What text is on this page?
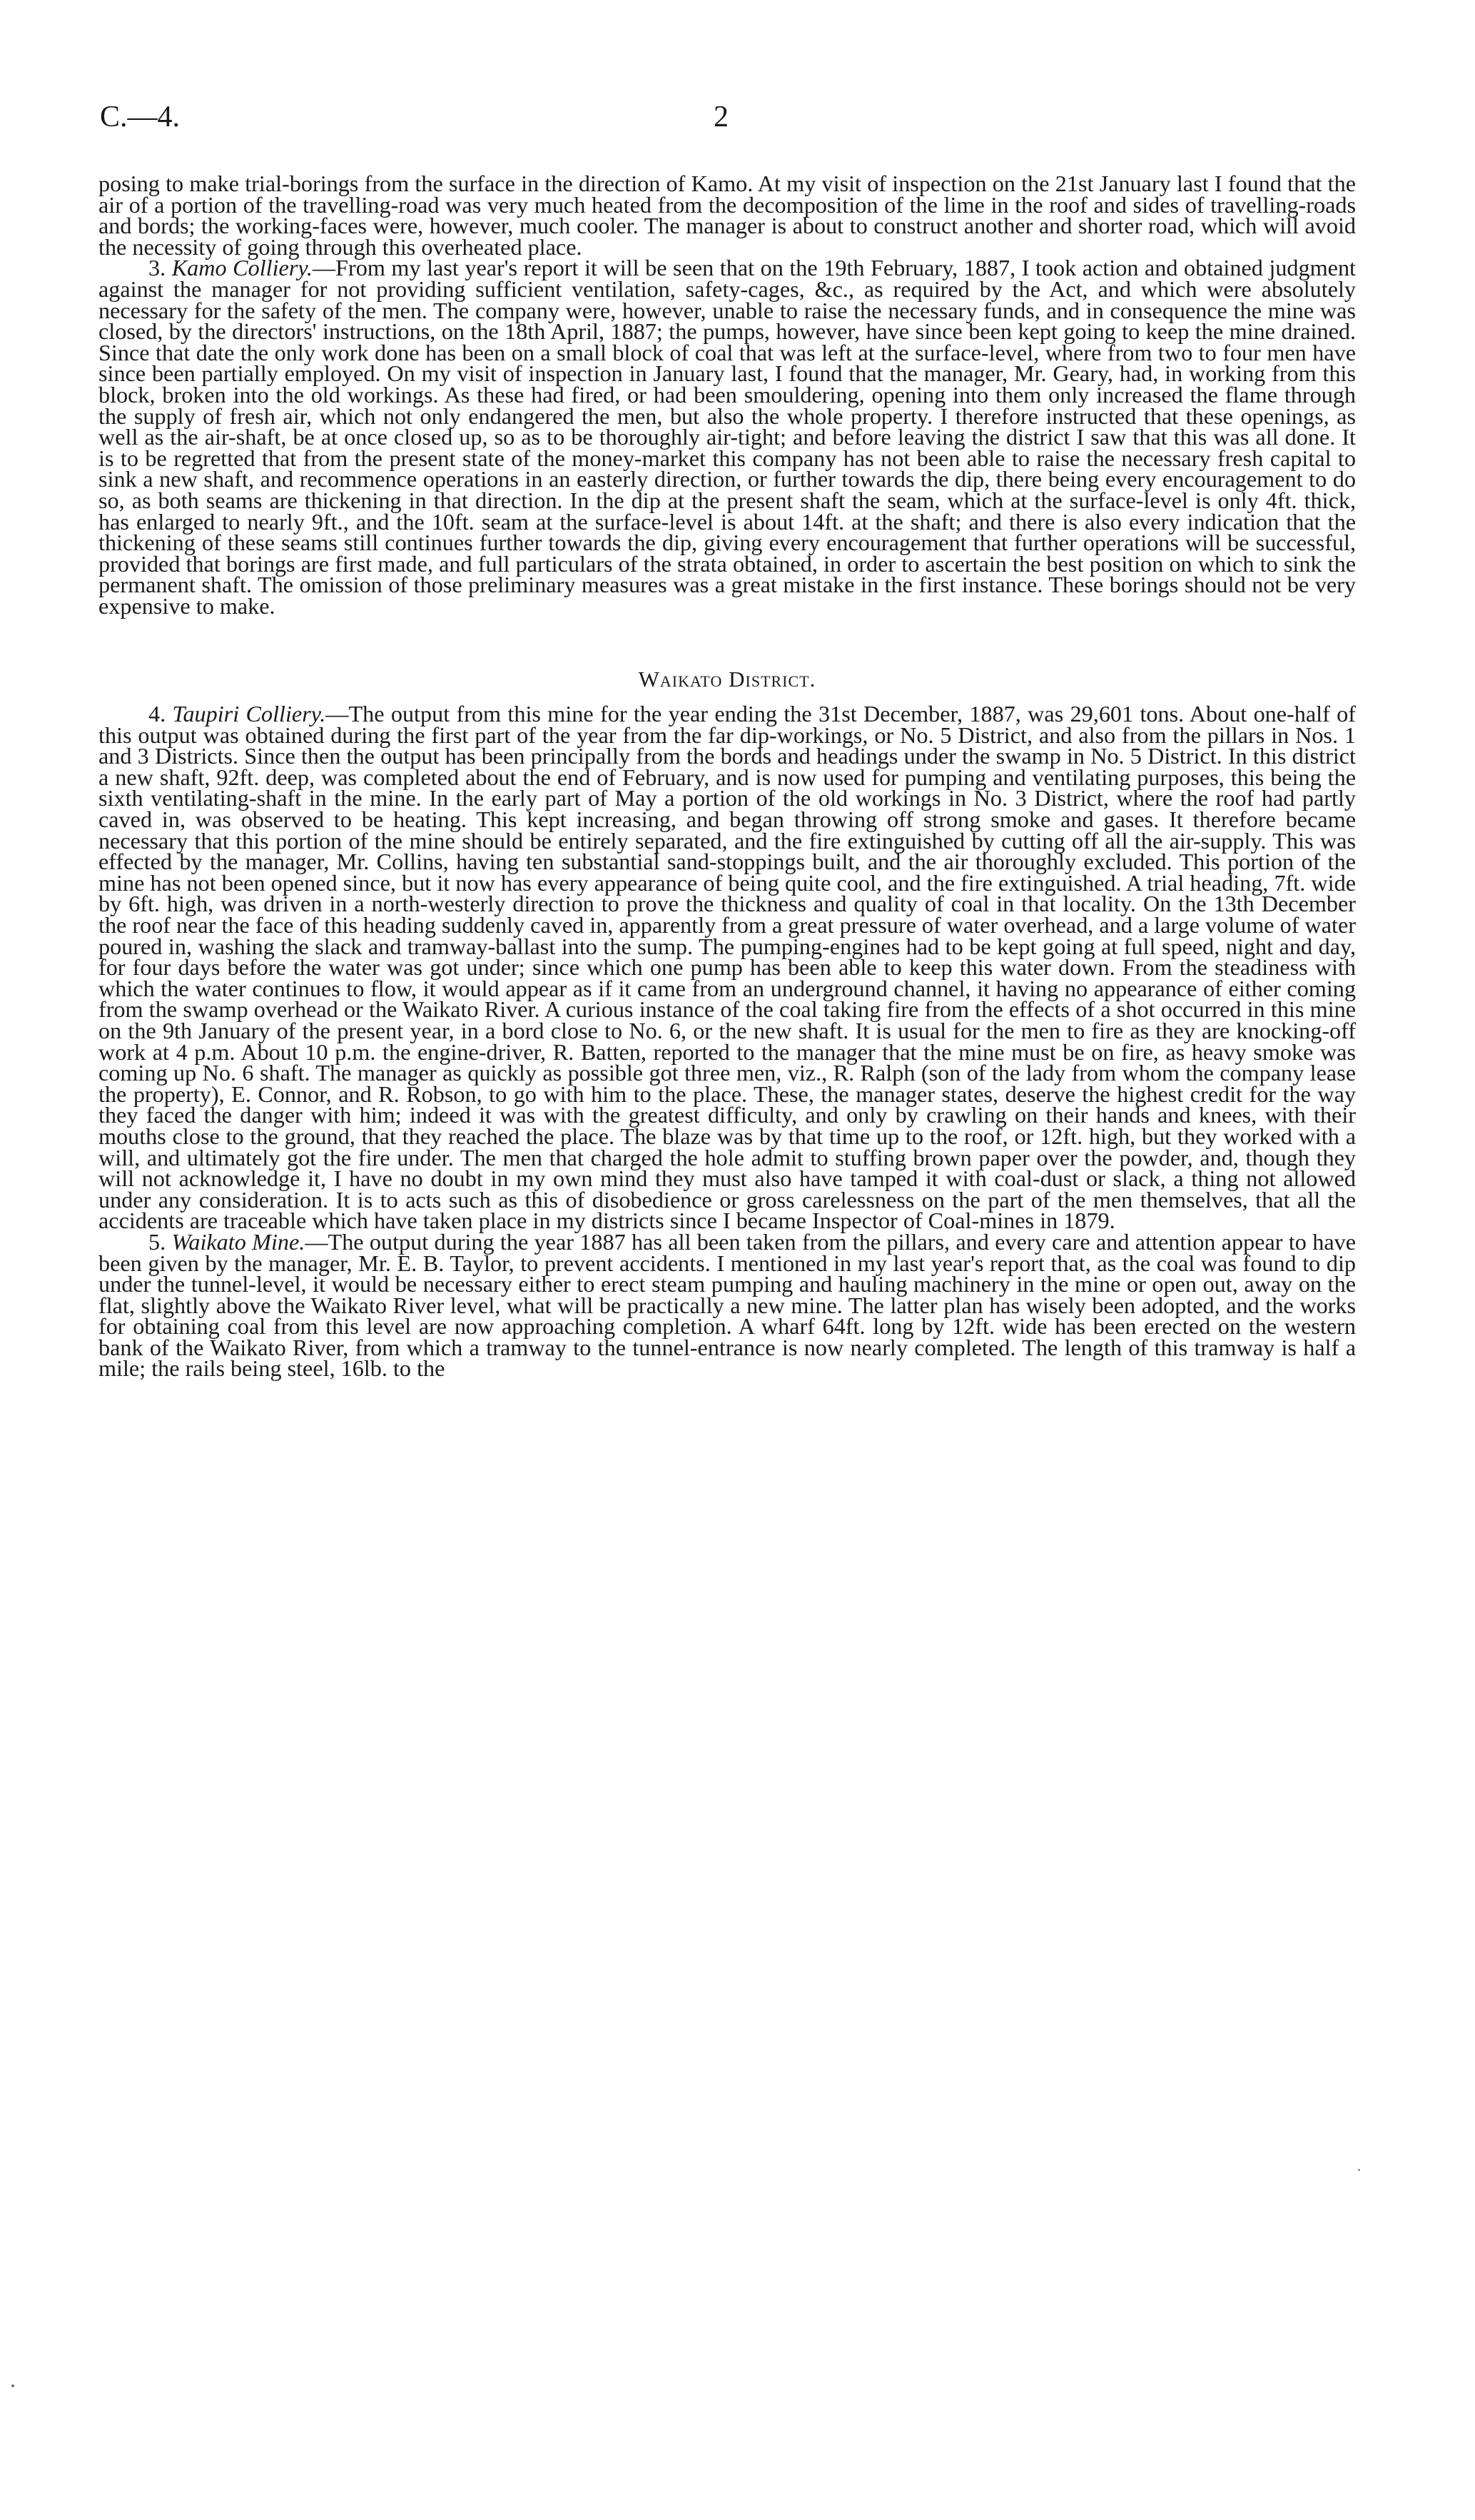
C.—4.	2

posing to make trial-borings from the surface in the direction of Kamo. At my visit of inspection on the 21st January last I found that the air of a portion of the travelling-road was very much heated from the decomposition of the lime in the roof and sides of travelling-roads and bords; the working-faces were, however, much cooler. The manager is about to construct another and shorter road, which will avoid the necessity of going through this overheated place.

3. Kamo Colliery.—From my last year's report it will be seen that on the 19th February, 1887, I took action and obtained judgment against the manager for not providing sufficient ventilation, safety-cages, &c., as required by the Act, and which were absolutely necessary for the safety of the men. The company were, however, unable to raise the necessary funds, and in consequence the mine was closed, by the directors' instructions, on the 18th April, 1887; the pumps, however, have since been kept going to keep the mine drained. Since that date the only work done has been on a small block of coal that was left at the surface-level, where from two to four men have since been partially employed. On my visit of inspection in January last, I found that the manager, Mr. Geary, had, in working from this block, broken into the old workings. As these had fired, or had been smouldering, opening into them only increased the flame through the supply of fresh air, which not only endangered the men, but also the whole property. I therefore instructed that these openings, as well as the air-shaft, be at once closed up, so as to be thoroughly air-tight; and before leaving the district I saw that this was all done. It is to be regretted that from the present state of the money-market this company has not been able to raise the necessary fresh capital to sink a new shaft, and recommence operations in an easterly direction, or further towards the dip, there being every encouragement to do so, as both seams are thickening in that direction. In the dip at the present shaft the seam, which at the surface-level is only 4ft. thick, has enlarged to nearly 9ft., and the 10ft. seam at the surface-level is about 14ft. at the shaft; and there is also every indication that the thickening of these seams still continues further towards the dip, giving every encouragement that further operations will be successful, provided that borings are first made, and full particulars of the strata obtained, in order to ascertain the best position on which to sink the permanent shaft. The omission of those preliminary measures was a great mistake in the first instance. These borings should not be very expensive to make.

Waikato District.

4. Taupiri Colliery.—The output from this mine for the year ending the 31st December, 1887, was 29,601 tons. About one-half of this output was obtained during the first part of the year from the far dip-workings, or No. 5 District, and also from the pillars in Nos. 1 and 3 Districts. Since then the output has been principally from the bords and headings under the swamp in No. 5 District. In this district a new shaft, 92ft. deep, was completed about the end of February, and is now used for pumping and ventilating purposes, this being the sixth ventilating-shaft in the mine. In the early part of May a portion of the old workings in No. 3 District, where the roof had partly caved in, was observed to be heating. This kept increasing, and began throwing off strong smoke and gases. It therefore became necessary that this portion of the mine should be entirely separated, and the fire extinguished by cutting off all the air-supply. This was effected by the manager, Mr. Collins, having ten substantial sand-stoppings built, and the air thoroughly excluded. This portion of the mine has not been opened since, but it now has every appearance of being quite cool, and the fire extinguished. A trial heading, 7ft. wide by 6ft. high, was driven in a north-westerly direction to prove the thickness and quality of coal in that locality. On the 13th December the roof near the face of this heading suddenly caved in, apparently from a great pressure of water overhead, and a large volume of water poured in, washing the slack and tramway-ballast into the sump. The pumping-engines had to be kept going at full speed, night and day, for four days before the water was got under; since which one pump has been able to keep this water down. From the steadiness with which the water continues to flow, it would appear as if it came from an underground channel, it having no appearance of either coming from the swamp overhead or the Waikato River. A curious instance of the coal taking fire from the effects of a shot occurred in this mine on the 9th January of the present year, in a bord close to No. 6, or the new shaft. It is usual for the men to fire as they are knocking-off work at 4 p.m. About 10 p.m. the engine-driver, R. Batten, reported to the manager that the mine must be on fire, as heavy smoke was coming up No. 6 shaft. The manager as quickly as possible got three men, viz., R. Ralph (son of the lady from whom the company lease the property), E. Connor, and R. Robson, to go with him to the place. These, the manager states, deserve the highest credit for the way they faced the danger with him; indeed it was with the greatest difficulty, and only by crawling on their hands and knees, with their mouths close to the ground, that they reached the place. The blaze was by that time up to the roof, or 12ft. high, but they worked with a will, and ultimately got the fire under. The men that charged the hole admit to stuffing brown paper over the powder, and, though they will not acknowledge it, I have no doubt in my own mind they must also have tamped it with coal-dust or slack, a thing not allowed under any consideration. It is to acts such as this of disobedience or gross carelessness on the part of the men themselves, that all the accidents are traceable which have taken place in my districts since I became Inspector of Coal-mines in 1879.

5. Waikato Mine.—The output during the year 1887 has all been taken from the pillars, and every care and attention appear to have been given by the manager, Mr. E. B. Taylor, to prevent accidents. I mentioned in my last year's report that, as the coal was found to dip under the tunnel-level, it would be necessary either to erect steam pumping and hauling machinery in the mine or open out, away on the flat, slightly above the Waikato River level, what will be practically a new mine. The latter plan has wisely been adopted, and the works for obtaining coal from this level are now approaching completion. A wharf 64ft. long by 12ft. wide has been erected on the western bank of the Waikato River, from which a tramway to the tunnel-entrance is now nearly completed. The length of this tramway is half a mile; the rails being steel, 16lb. to the
